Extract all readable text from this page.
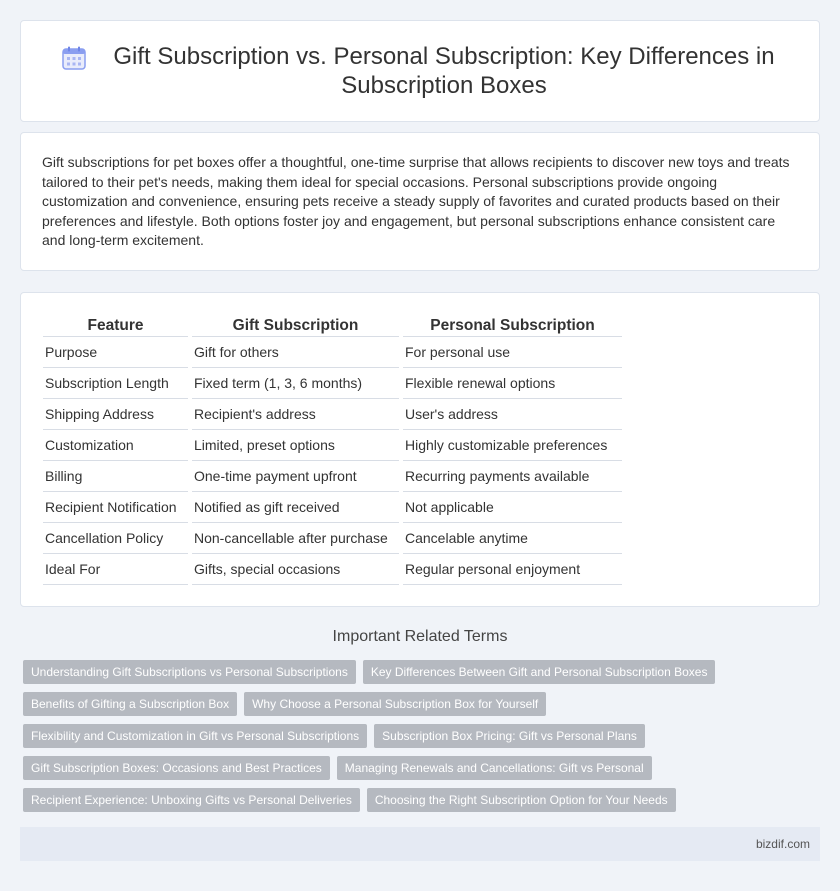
Gift Subscription vs. Personal Subscription: Key Differences in Subscription Boxes

Gift subscriptions for pet boxes offer a thoughtful, one-time surprise that allows recipients to discover new toys and treats tailored to their pet's needs, making them ideal for special occasions. Personal subscriptions provide ongoing customization and convenience, ensuring pets receive a steady supply of favorites and curated products based on their preferences and lifestyle. Both options foster joy and engagement, but personal subscriptions enhance consistent care and long-term excitement.

Feature	Gift Subscription	Personal Subscription
Purpose	Gift for others	For personal use
Subscription Length	Fixed term (1, 3, 6 months)	Flexible renewal options
Shipping Address	Recipient's address	User's address
Customization	Limited, preset options	Highly customizable preferences
Billing	One-time payment upfront	Recurring payments available
Recipient Notification	Notified as gift received	Not applicable
Cancellation Policy	Non-cancellable after purchase	Cancelable anytime
Ideal For	Gifts, special occasions	Regular personal enjoyment
Important Related Terms
Understanding Gift Subscriptions vs Personal Subscriptions	Key Differences Between Gift and Personal Subscription Boxes
Benefits of Gifting a Subscription Box	Why Choose a Personal Subscription Box for Yourself
Flexibility and Customization in Gift vs Personal Subscriptions	Subscription Box Pricing: Gift vs Personal Plans
Gift Subscription Boxes: Occasions and Best Practices	Managing Renewals and Cancellations: Gift vs Personal
Recipient Experience: Unboxing Gifts vs Personal Deliveries	Choosing the Right Subscription Option for Your Needs
bizdif.com
